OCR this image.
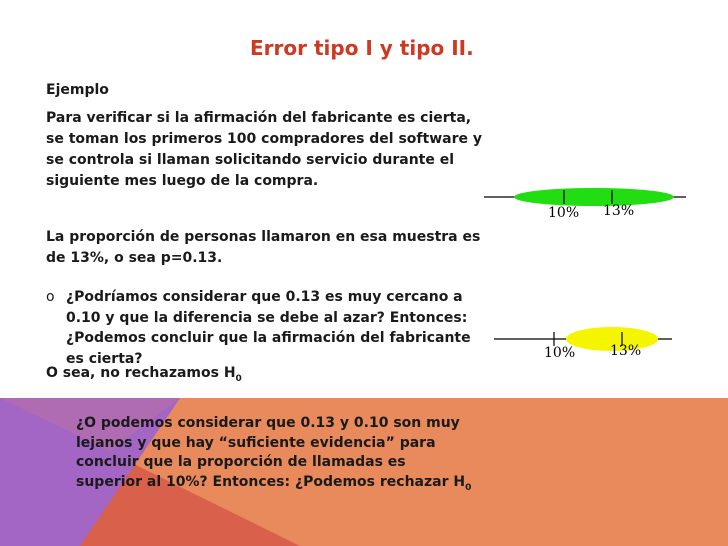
Error tipo I y tipo II.
Ejemplo
Para verificar si la afirmación del fabricante es cierta, se toman los primeros 100 compradores del software y se controla si llaman solicitando servicio durante el siguiente mes luego de la compra.
La proporción de personas llamaron en esa muestra es de 13%, o sea p=0.13.
o ¿Podríamos considerar que 0.13 es muy cercano a 0.10 y que la diferencia se debe al azar? Entonces: ¿Podemos concluir que la afirmación del fabricante es cierta?
O sea, no rechazamos $H_0$
10% 13%
10% 13%
¿O podemos considerar que 0.13 y 0.10 son muy lejanos y que hay “suficiente evidencia” para concluir que la proporción de llamadas es superior al 10%? Entonces: ¿Podemos rechazar $H_0$
